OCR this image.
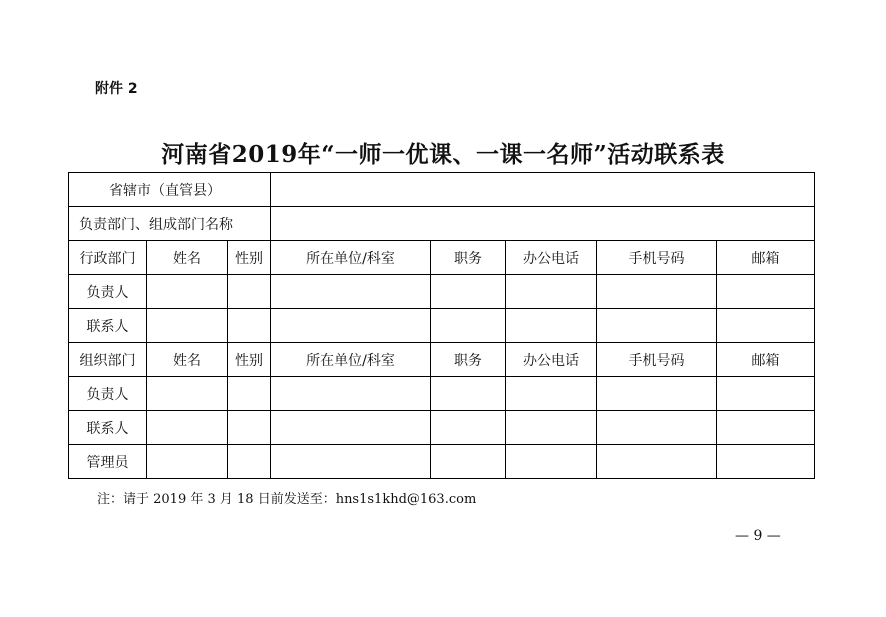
附件 2
河南省2019年“一师一优课、一课一名师”活动联系表
省辖市（直管县）							
负责部门、组成部门名称							
行政部门	姓名	性别	所在单位/科室	职务	办公电话	手机号码	邮箱
负责人							
联系人							
组织部门	姓名	性别	所在单位/科室	职务	办公电话	手机号码	邮箱
负责人							
联系人							
管理员							
注：请于 2019 年 3 月 18 日前发送至：hns1s1khd@163.com
— 9 —
